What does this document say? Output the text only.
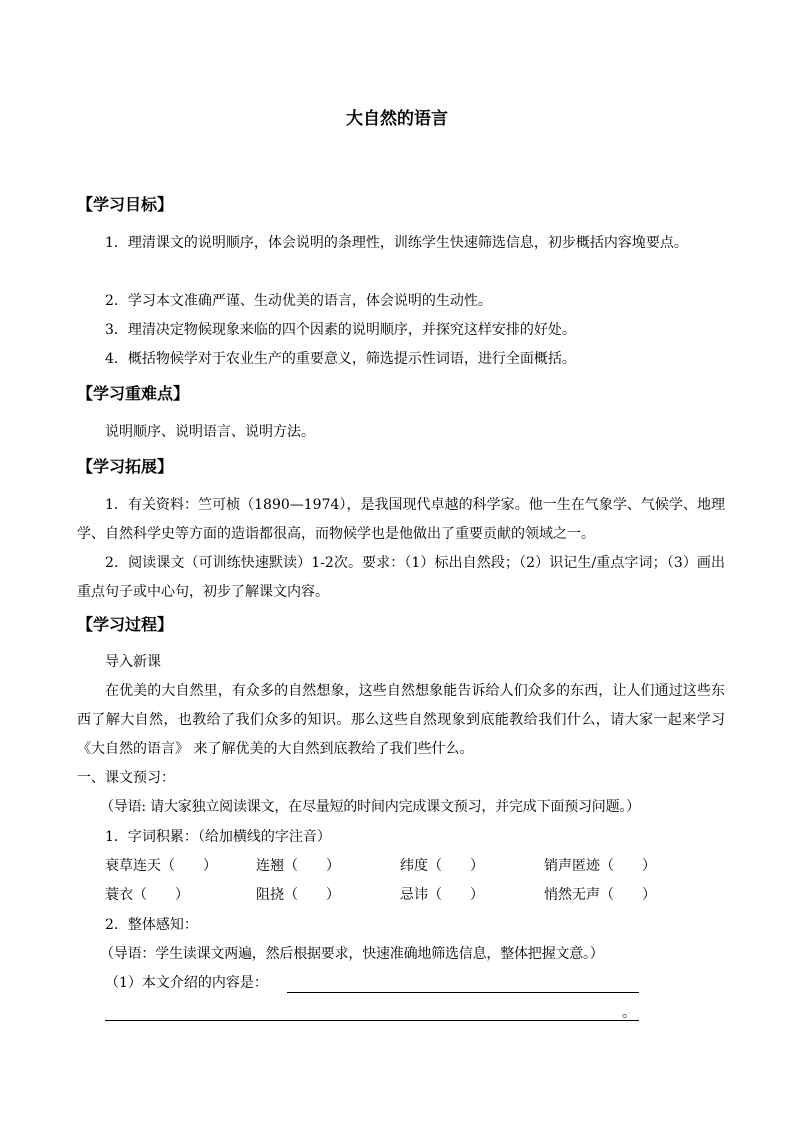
大自然的语言
【学习目标】
1．理清课文的说明顺序，体会说明的条理性，训练学生快速筛选信息，初步概括内容堍要点。
2．学习本文准确严谨、生动优美的语言，体会说明的生动性。
3．理清决定物候现象来临的四个因素的说明顺序，并探究这样安排的好处。
4．概括物候学对于农业生产的重要意义，筛选提示性词语，进行全面概括。
【学习重难点】
说明顺序、说明语言、说明方法。
【学习拓展】
1．有关资料：竺可桢（1890—1974），是我国现代卓越的科学家。他一生在气象学、气候学、地理学、自然科学史等方面的造诣都很高，而物候学也是他做出了重要贡献的领域之一。
2．阅读课文（可训练快速默读）1-2次。要求：（1）标出自然段；（2）识记生/重点字词；（3）画出重点句子或中心句，初步了解课文内容。
【学习过程】
导入新课
在优美的大自然里，有众多的自然想象，这些自然想象能告诉给人们众多的东西，让人们通过这些东西了解大自然，也教给了我们众多的知识。那么这些自然现象到底能教给我们什么，请大家一起来学习《大自然的语言》 来了解优美的大自然到底教给了我们些什么。
一、课文预习：
（导语: 请大家独立阅读课文，在尽量短的时间内完成课文预习，并完成下面预习问题。）
1．字词积累：（给加横线的字注音）
衰草连天（　　）	连翘（　　）	纬度（　　）	销声匿迹（　　）
蓑衣（　　）	阻挠（　　）	忌讳（　　）	悄然无声（　　）
2．整体感知：
（导语：学生读课文两遍，然后根据要求，快速准确地筛选信息，整体把握文意。）
（1）本文介绍的内容是：
。
